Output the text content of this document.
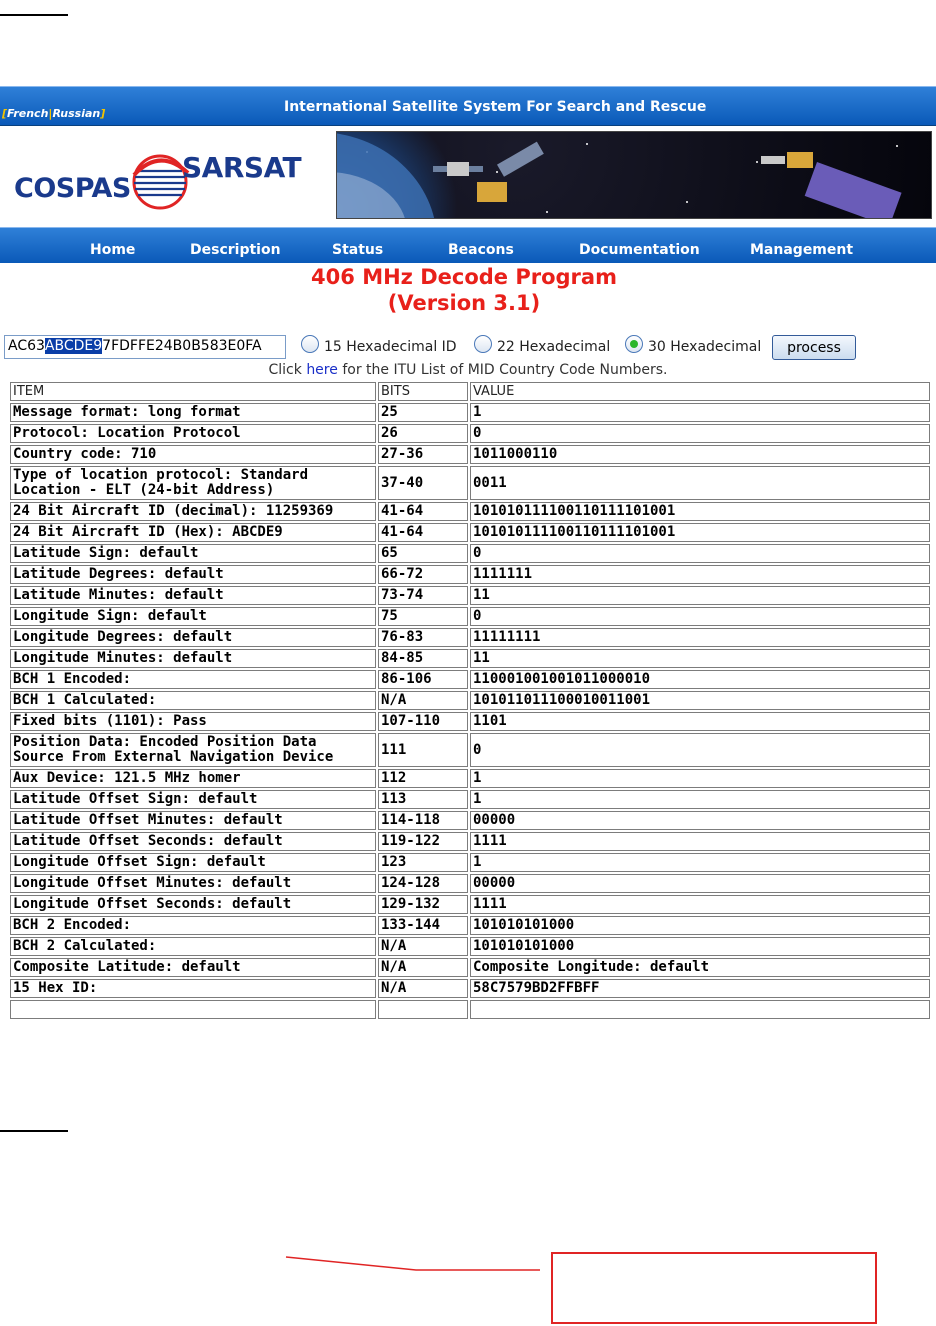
[French|Russian]	International Satellite System For Search and Rescue
COSPAS
SARSAT
Home	Description	Status	Beacons	Documentation	Management
406 MHz Decode Program
(Version 3.1)
AC63ABCDE97FDFFE24B0B583E0FA	15 Hexadecimal ID	22 Hexadecimal	30 Hexadecimal	process
Click here for the ITU List of MID Country Code Numbers.
ITEM	BITS	VALUE
Message format: long format	25	1
Protocol: Location Protocol	26	0
Country code: 710	27-36	1011000110
Type of location protocol: Standard Location - ELT (24-bit Address)	37-40	0011
24 Bit Aircraft ID (decimal): 11259369	41-64	101010111100110111101001
24 Bit Aircraft ID (Hex): ABCDE9	41-64	101010111100110111101001
Latitude Sign: default	65	0
Latitude Degrees: default	66-72	1111111
Latitude Minutes: default	73-74	11
Longitude Sign: default	75	0
Longitude Degrees: default	76-83	11111111
Longitude Minutes: default	84-85	11
BCH 1 Encoded:	86-106	110001001001011000010
BCH 1 Calculated:	N/A	101011011100010011001
Fixed bits (1101): Pass	107-110	1101
Position Data: Encoded Position Data Source From External Navigation Device	111	0
Aux Device: 121.5 MHz homer	112	1
Latitude Offset Sign: default	113	1
Latitude Offset Minutes: default	114-118	00000
Latitude Offset Seconds: default	119-122	1111
Longitude Offset Sign: default	123	1
Longitude Offset Minutes: default	124-128	00000
Longitude Offset Seconds: default	129-132	1111
BCH 2 Encoded:	133-144	101010101000
BCH 2 Calculated:	N/A	101010101000
Composite Latitude: default	N/A	Composite Longitude: default
15 Hex ID:	N/A	58C7579BD2FFBFF
